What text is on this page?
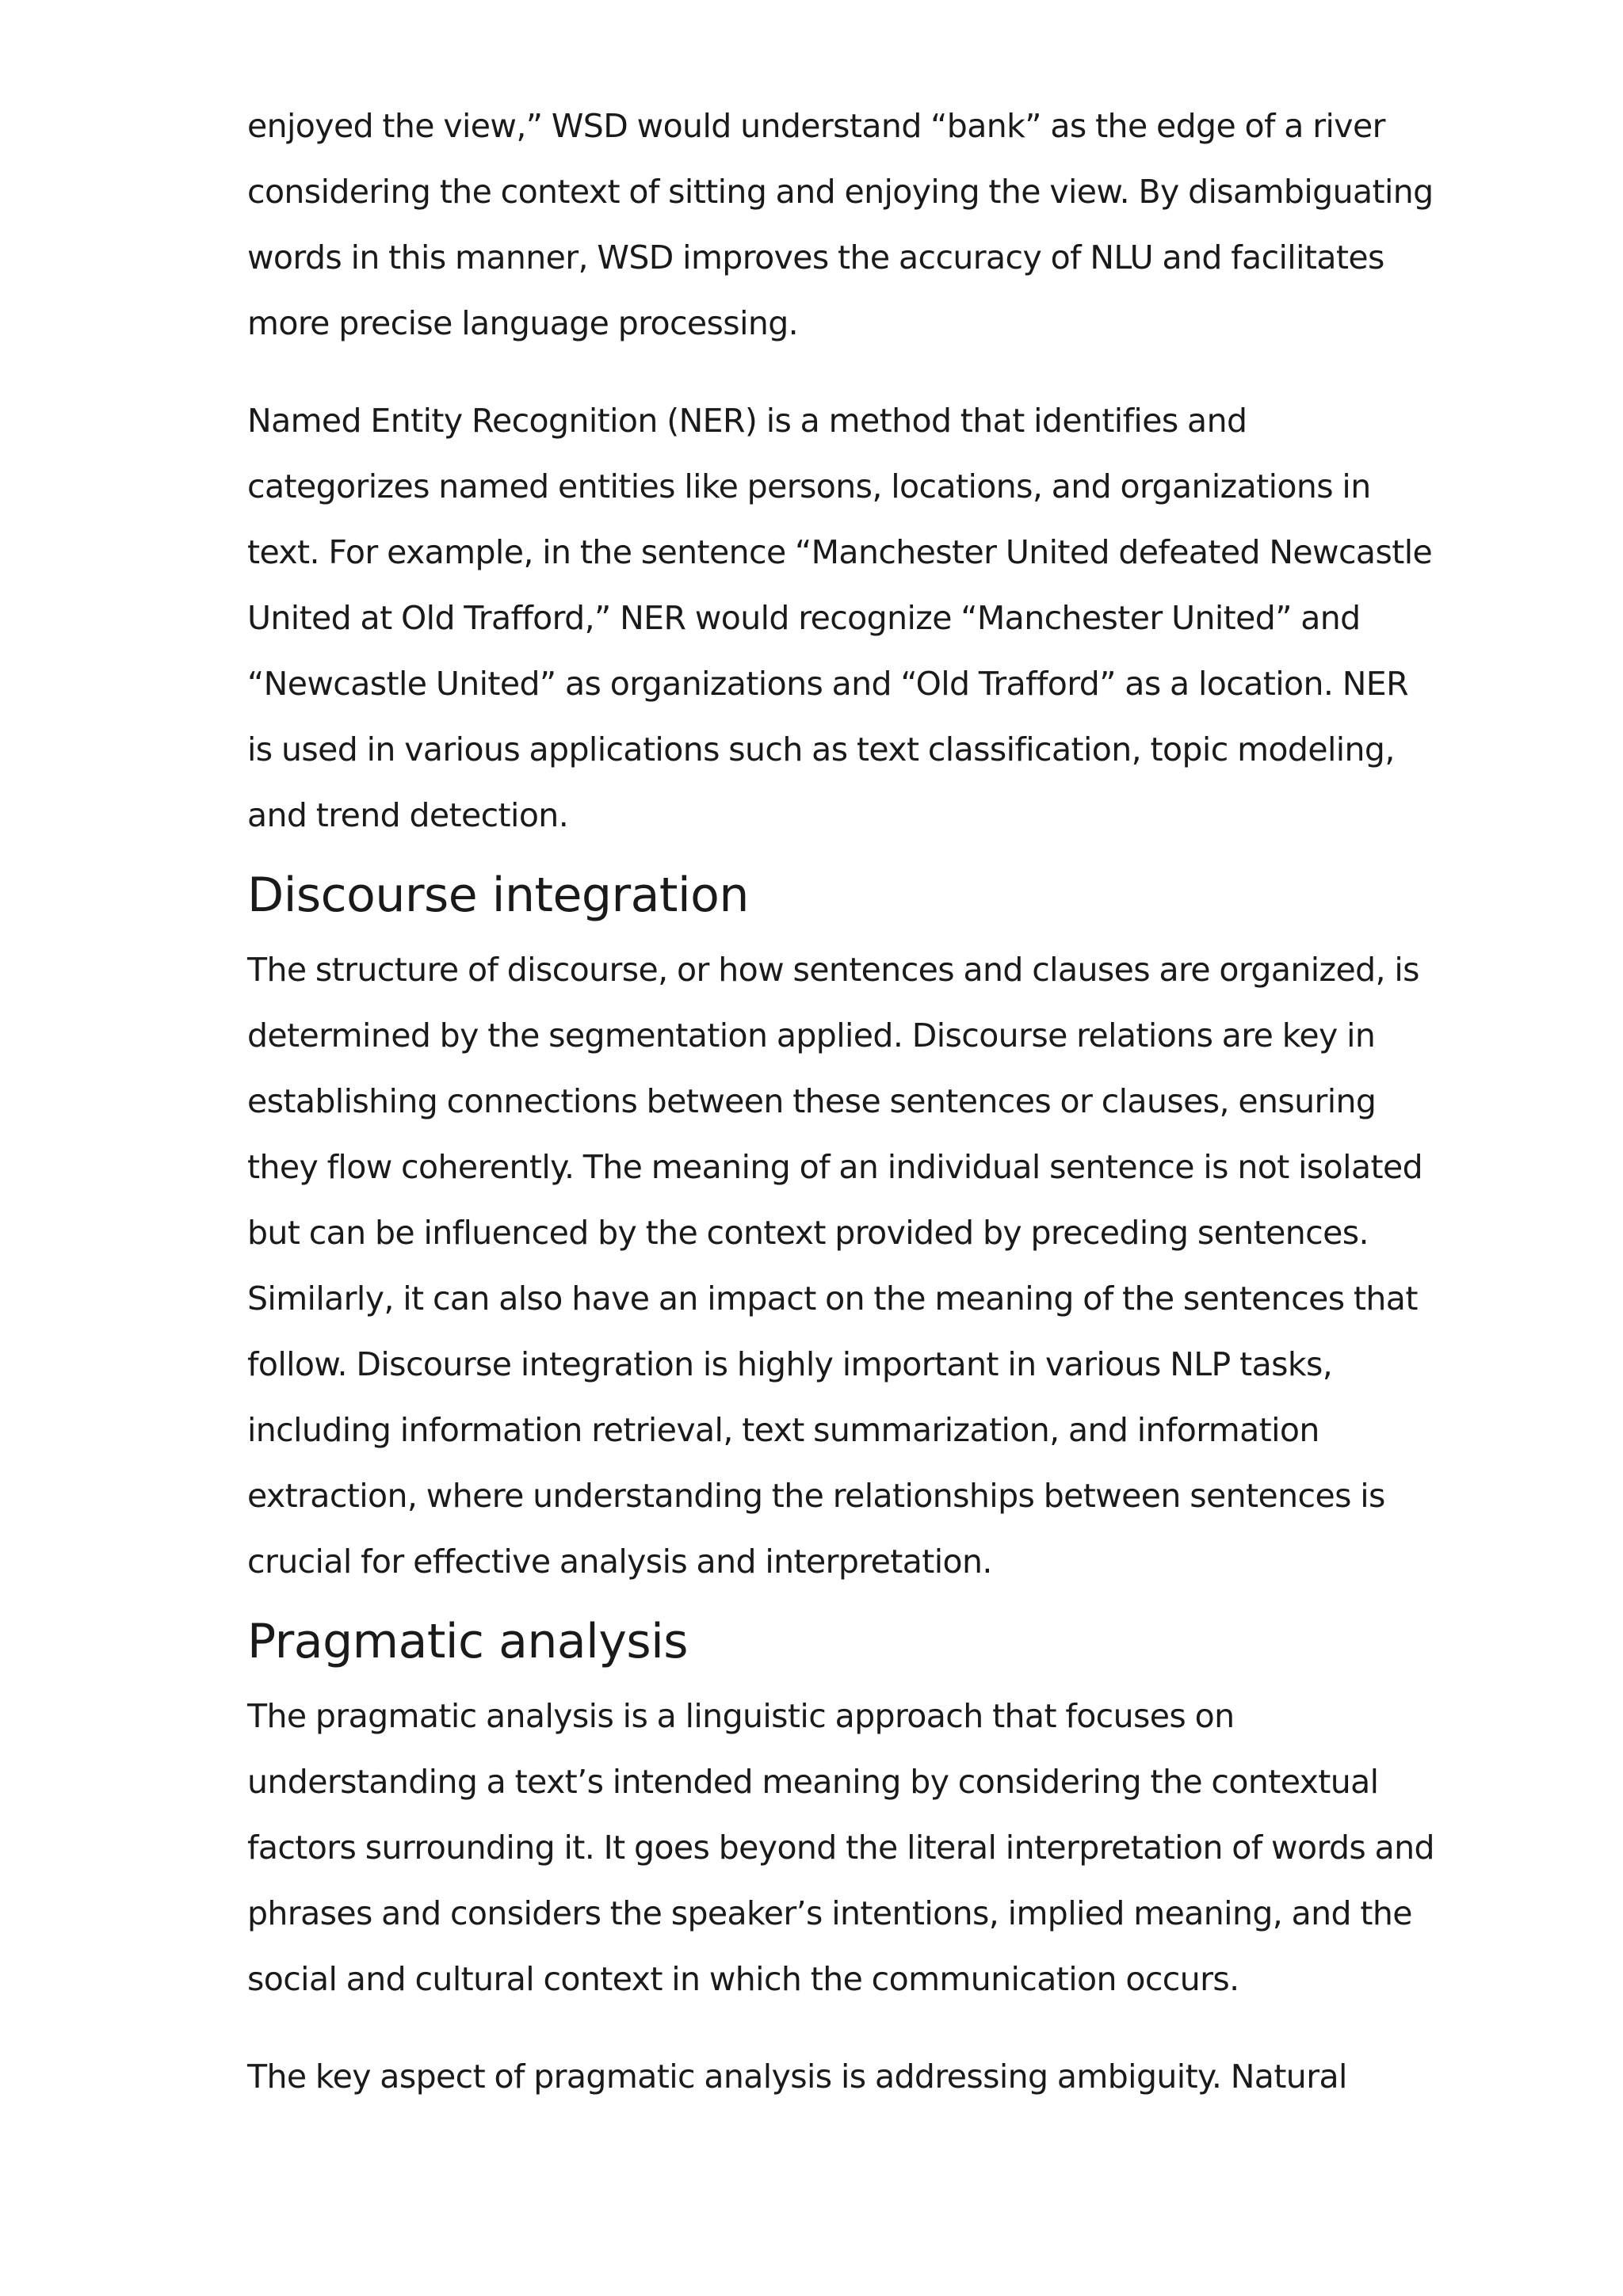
enjoyed the view,” WSD would understand “bank” as the edge of a river considering the context of sitting and enjoying the view. By disambiguating words in this manner, WSD improves the accuracy of NLU and facilitates more precise language processing.

Named Entity Recognition (NER) is a method that identifies and categorizes named entities like persons, locations, and organizations in text. For example, in the sentence “Manchester United defeated Newcastle United at Old Trafford,” NER would recognize “Manchester United” and “Newcastle United” as organizations and “Old Trafford” as a location. NER is used in various applications such as text classification, topic modeling, and trend detection.

Discourse integration

The structure of discourse, or how sentences and clauses are organized, is determined by the segmentation applied. Discourse relations are key in establishing connections between these sentences or clauses, ensuring they flow coherently. The meaning of an individual sentence is not isolated but can be influenced by the context provided by preceding sentences. Similarly, it can also have an impact on the meaning of the sentences that follow. Discourse integration is highly important in various NLP tasks, including information retrieval, text summarization, and information extraction, where understanding the relationships between sentences is crucial for effective analysis and interpretation.

Pragmatic analysis

The pragmatic analysis is a linguistic approach that focuses on understanding a text’s intended meaning by considering the contextual factors surrounding it. It goes beyond the literal interpretation of words and phrases and considers the speaker’s intentions, implied meaning, and the social and cultural context in which the communication occurs.

The key aspect of pragmatic analysis is addressing ambiguity. Natural
